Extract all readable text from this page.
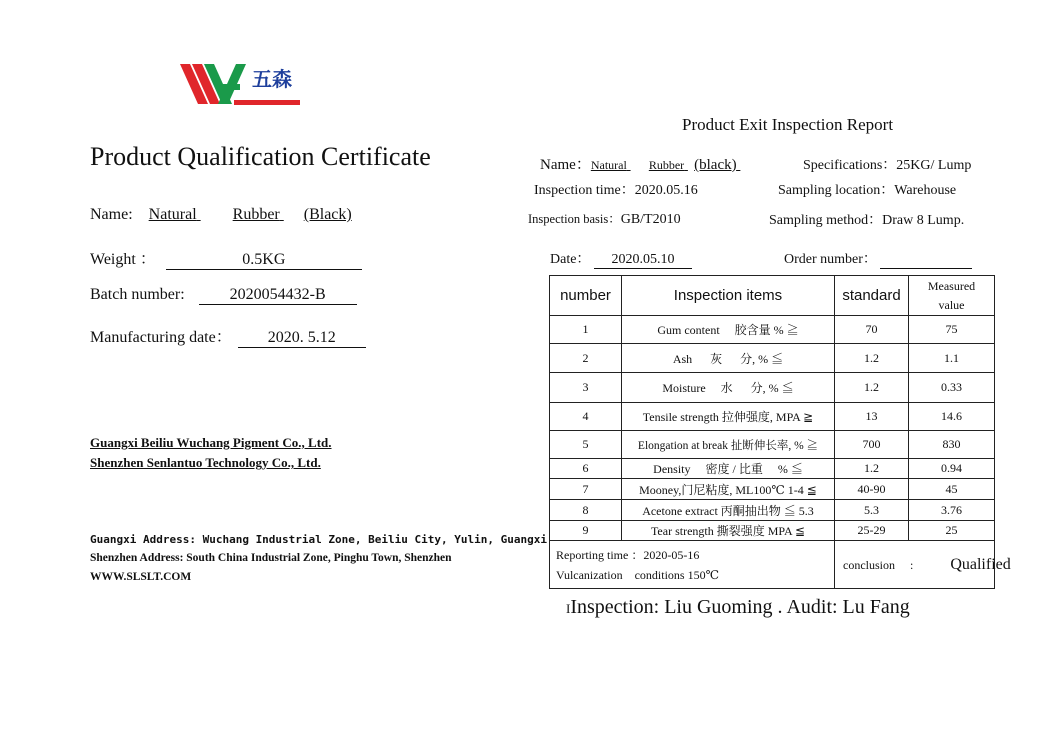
五森
Product Qualification Certificate
Name: Natural Rubber (Black)
Weight ：	0.5KG
Batch number:	2020054432-B
Manufacturing date： 2020. 5.12
Guangxi Beiliu Wuchang Pigment Co., Ltd.
Shenzhen Senlantuo Technology Co., Ltd.
Guangxi Address: Wuchang Industrial Zone, Beiliu City, Yulin, Guangxi
Shenzhen Address: South China Industrial Zone, Pinghu Town, Shenzhen
WWW.SLSLT.COM
Product Exit Inspection Report
Name：Natural Rubber (black)	Specifications：25KG/ Lump
Inspection time：2020.05.16	Sampling location：Warehouse
Inspection basis：GB/T2010	Sampling method：Draw 8 Lump.
Date： 2020.05.10	Order number：
number	Inspection items	standard	Measured
value
1	Gum content 　胶含量 % ≧	70	75
2	Ash 　 灰 　 分, % ≦	1.2	1.1
3	Moisture 　水 　 分, % ≦	1.2	0.33
4	Tensile strength 拉伸强度, MPA ≧	13	14.6
5	Elongation at break 扯断伸长率, % ≧	700	830
6	Density 　密度 / 比重 　% ≦	1.2	0.94
7	Mooney,门尼粘度, ML100℃ 1-4 ≦	40-90	45
8	Acetone extract 丙酮抽出物 ≦ 5.3	5.3	3.76
9	Tear strength 撕裂强度 MPA ≦	25-29	25

Reporting time ：2020-05-16
Vulcanization　conditions 150℃		conclusion 　: Qualified	
IInspection: Liu Guoming . Audit: Lu Fang
